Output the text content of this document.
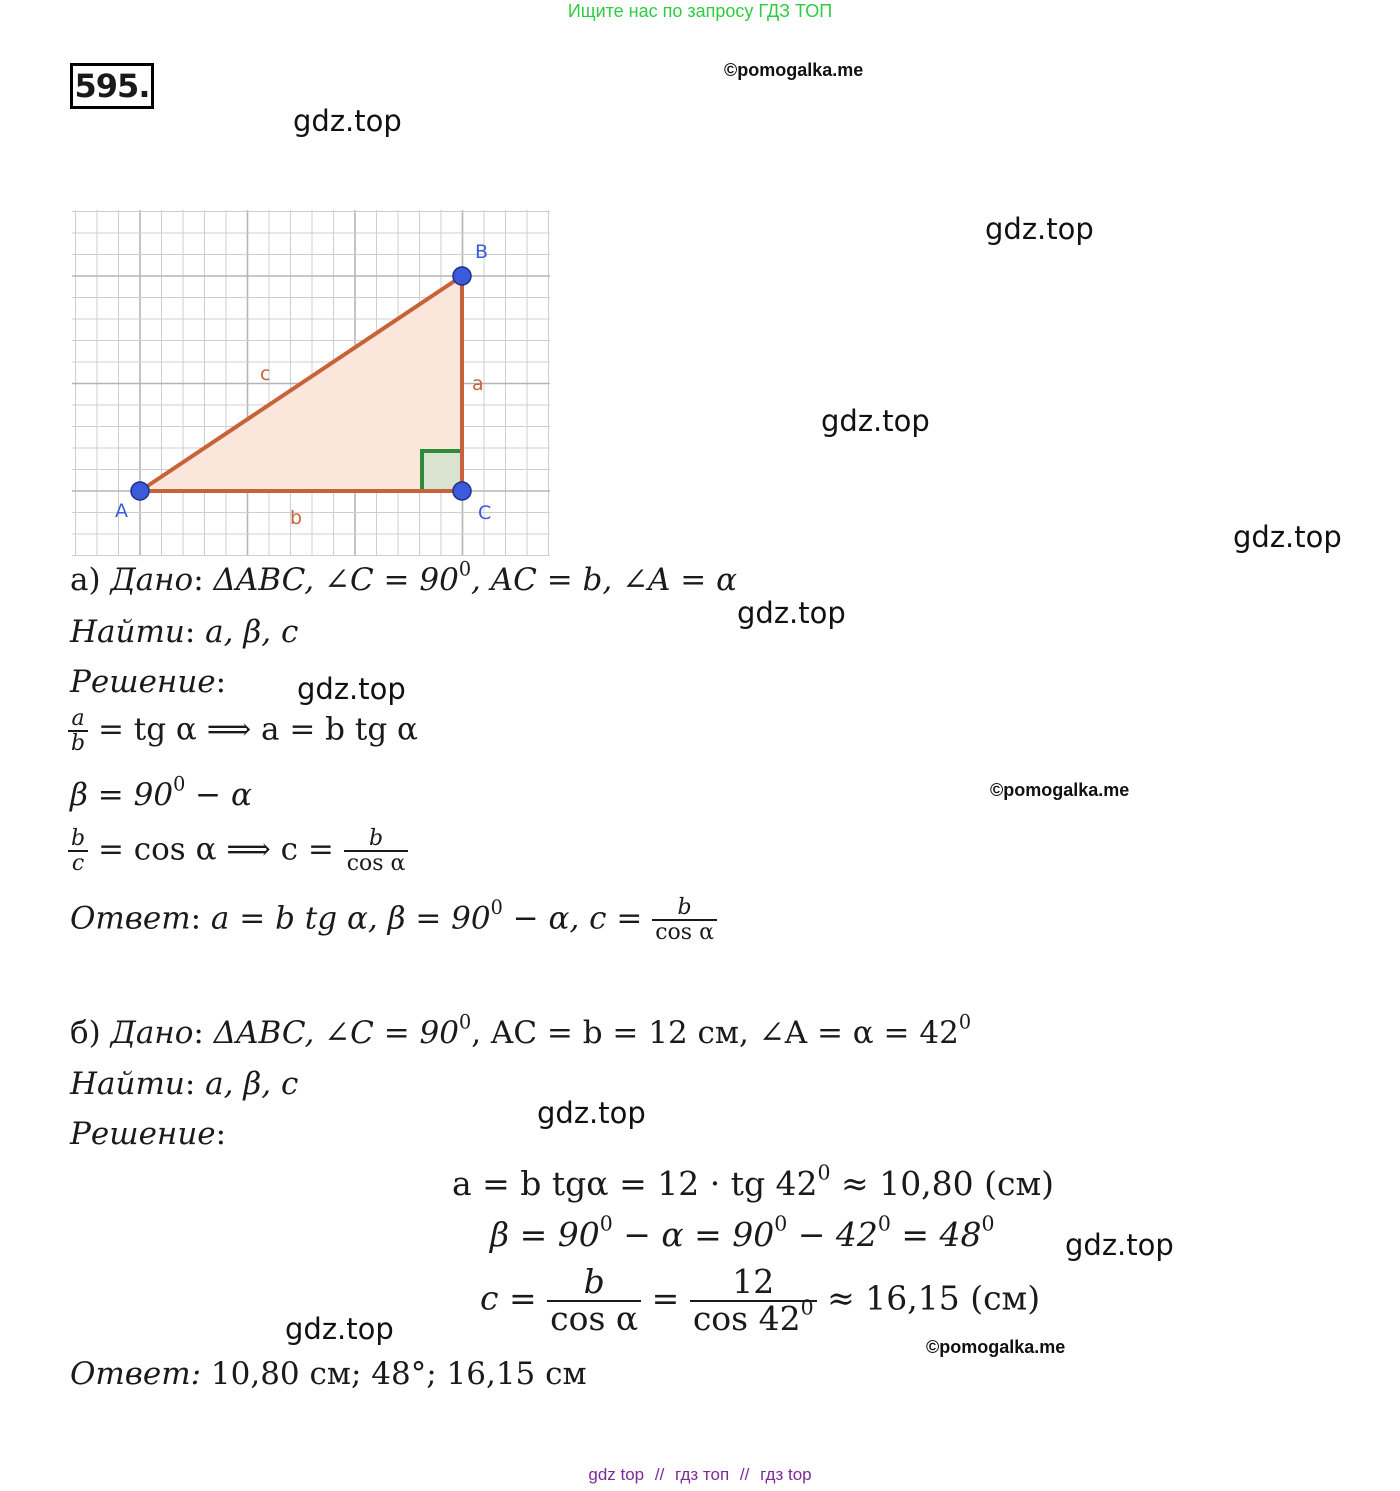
Ищите нас по запросу ГДЗ ТОП
595.	©pomogalka.me
gdz.top
gdz.top
gdz.top
gdz.top
gdz.top
gdz.top
©pomogalka.me
gdz.top
gdz.top
gdz.top
©pomogalka.me
B
A	C
c	a
b
а) Дано: ΔABC, ∠C = $90^0$, AC = b, ∠A = α
Найти: a, β, c
Решение:
$\frac{a}{b}$ = tg α ⟹ a = b tg α
$\beta = 90^0 - \alpha$
$\frac{b}{c} = \cos \alpha$ ⟹ $c = \frac{b}{\text{cos α}}$
Ответ: a = b tg α, $\beta = 90^0 - \alpha$, $c = \frac{b}{\text{cos α}}$
б) Дано: ΔABC, ∠C = $90^0$, AC = b = 12 см, ∠A = $\alpha = 42^0$
Найти: a, β, c
Решение:
a = b tgα = 12 · tg $42^0 \approx 10,80$ (см)
$\beta = 90^0 - \alpha = 90^0 - 42^0 = 48^0$
$c = \frac{b}{\text{cos α}} = \frac{12}{\cos 42^0} \approx 16,15$ (см)
Ответ: 10,80 см; 48°; 16,15 см
gdz top // гдз топ // гдз top
